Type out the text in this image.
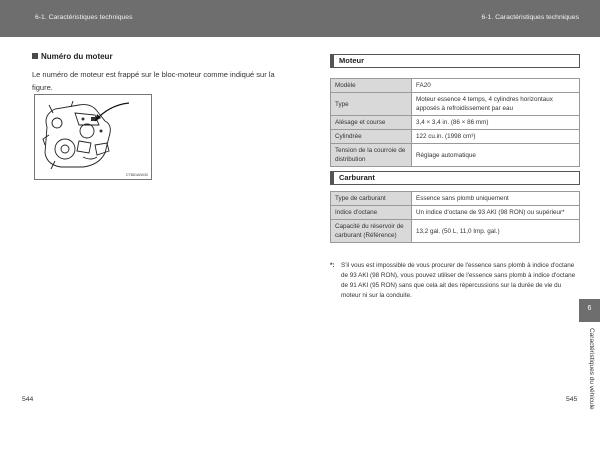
6-1. Caractéristiques techniques	6-1. Caractéristiques techniques
Numéro du moteur
Le numéro de moteur est frappé sur le bloc-moteur comme indiqué sur la figure.
CTB61AN030
Moteur
Modèle	FA20
Type	Moteur essence 4 temps, 4 cylindres horizontaux apposés à refroidissement par eau
Alésage et course	3,4 × 3,4 in. (86 × 86 mm)
Cylindrée	122 cu.in. (1998 cm³)
Tension de la courroie de distribution	Réglage automatique
Carburant
Type de carburant	Essence sans plomb uniquement
Indice d'octane	Un indice d'octane de 93 AKI (98 RON) ou supérieur*
Capacité du réservoir de carburant (Référence)	13,2 gal. (50 L, 11,0 Imp. gal.)
*: S'il vous est impossible de vous procurer de l'essence sans plomb à indice d'octane de 93 AKI (98 RON), vous pouvez utiliser de l'essence sans plomb à indice d'octane de 91 AKI (95 RON) sans que cela ait des répercussions sur la durée de vie du moteur ni sur la conduite.
6
Caractéristiques du véhicule
544	545
